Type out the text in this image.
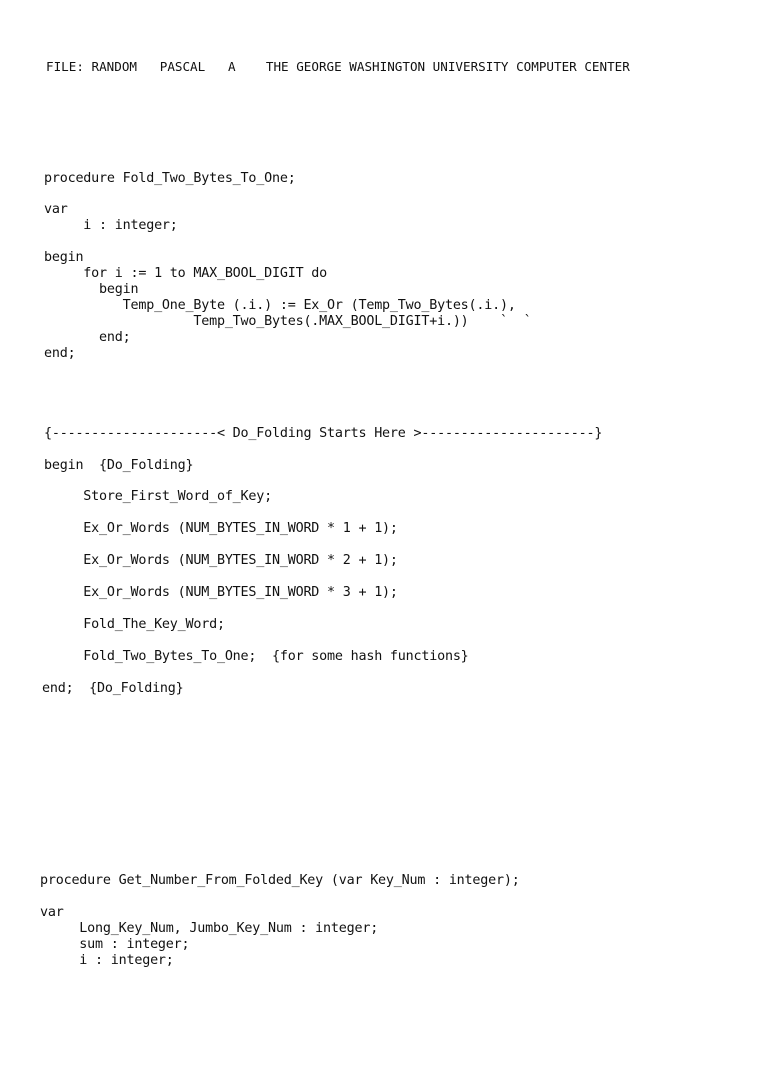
FILE: RANDOM   PASCAL   A    THE GEORGE WASHINGTON UNIVERSITY COMPUTER CENTER
procedure Fold_Two_Bytes_To_One;
var
i : integer;
begin
for i := 1 to MAX_BOOL_DIGIT do
begin
Temp_One_Byte (.i.) := Ex_Or (Temp_Two_Bytes(.i.),
Temp_Two_Bytes(.MAX_BOOL_DIGIT+i.))    `  `
end;
end;
{---------------------< Do_Folding Starts Here >----------------------}
begin  {Do_Folding}
Store_First_Word_of_Key;
Ex_Or_Words (NUM_BYTES_IN_WORD * 1 + 1);
Ex_Or_Words (NUM_BYTES_IN_WORD * 2 + 1);
Ex_Or_Words (NUM_BYTES_IN_WORD * 3 + 1);
Fold_The_Key_Word;
Fold_Two_Bytes_To_One;  {for some hash functions}
end;  {Do_Folding}
procedure Get_Number_From_Folded_Key (var Key_Num : integer);
var
Long_Key_Num, Jumbo_Key_Num : integer;
sum : integer;
i : integer;
